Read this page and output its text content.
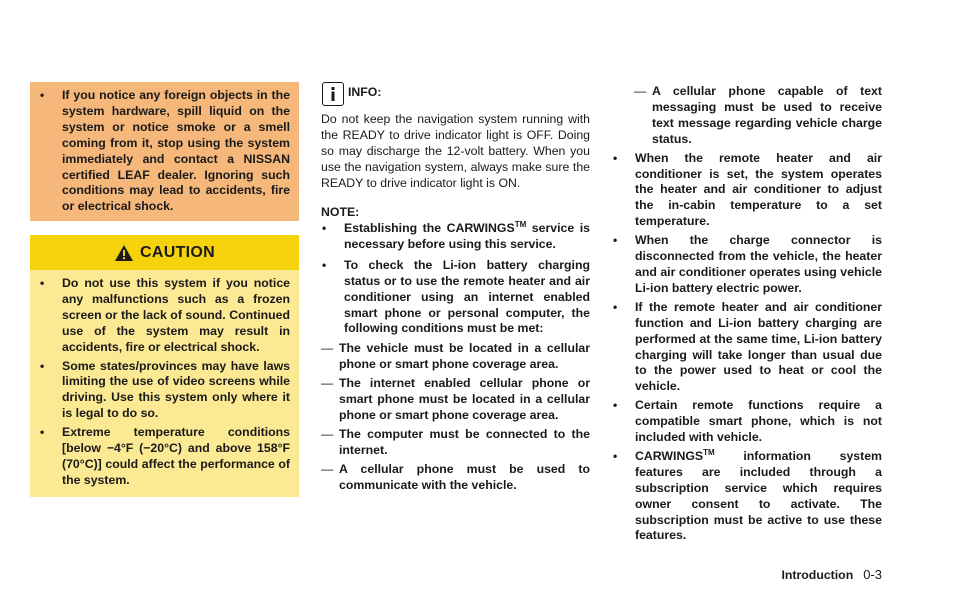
• If you notice any foreign objects in the system hardware, spill liquid on the system or notice smoke or a smell coming from it, stop using the system immediately and contact a NISSAN certified LEAF dealer. Ignoring such conditions may lead to accidents, fire or electrical shock.
CAUTION
• Do not use this system if you notice any malfunctions such as a frozen screen or the lack of sound. Continued use of the system may result in accidents, fire or electrical shock.
• Some states/provinces may have laws limiting the use of video screens while driving. Use this system only where it is legal to do so.
• Extreme temperature conditions [below −4°F (−20°C) and above 158°F (70°C)] could affect the performance of the system.
INFO:
Do not keep the navigation system running with the READY to drive indicator light is OFF. Doing so may discharge the 12-volt battery. When you use the navigation system, always make sure the READY to drive indicator light is ON.
NOTE:
• Establishing the CARWINGS™ service is necessary before using this service.
• To check the Li-ion battery charging status or to use the remote heater and air conditioner using an internet enabled smart phone or personal computer, the following conditions must be met:
— The vehicle must be located in a cellular phone or smart phone coverage area.
— The internet enabled cellular phone or smart phone must be located in a cellular phone or smart phone coverage area.
— The computer must be connected to the internet.
— A cellular phone must be used to communicate with the vehicle.
— A cellular phone capable of text messaging must be used to receive text message regarding vehicle charge status.
• When the remote heater and air conditioner is set, the system operates the heater and air conditioner to adjust the in-cabin temperature to a set temperature.
• When the charge connector is disconnected from the vehicle, the heater and air conditioner operates using vehicle Li-ion battery electric power.
• If the remote heater and air conditioner function and Li-ion battery charging are performed at the same time, Li-ion battery charging will take longer than usual due to the power used to heat or cool the vehicle.
• Certain remote functions require a compatible smart phone, which is not included with vehicle.
• CARWINGS™ information system features are included through a subscription service which requires owner consent to activate. The subscription must be active to use these features.
Introduction 0-3
